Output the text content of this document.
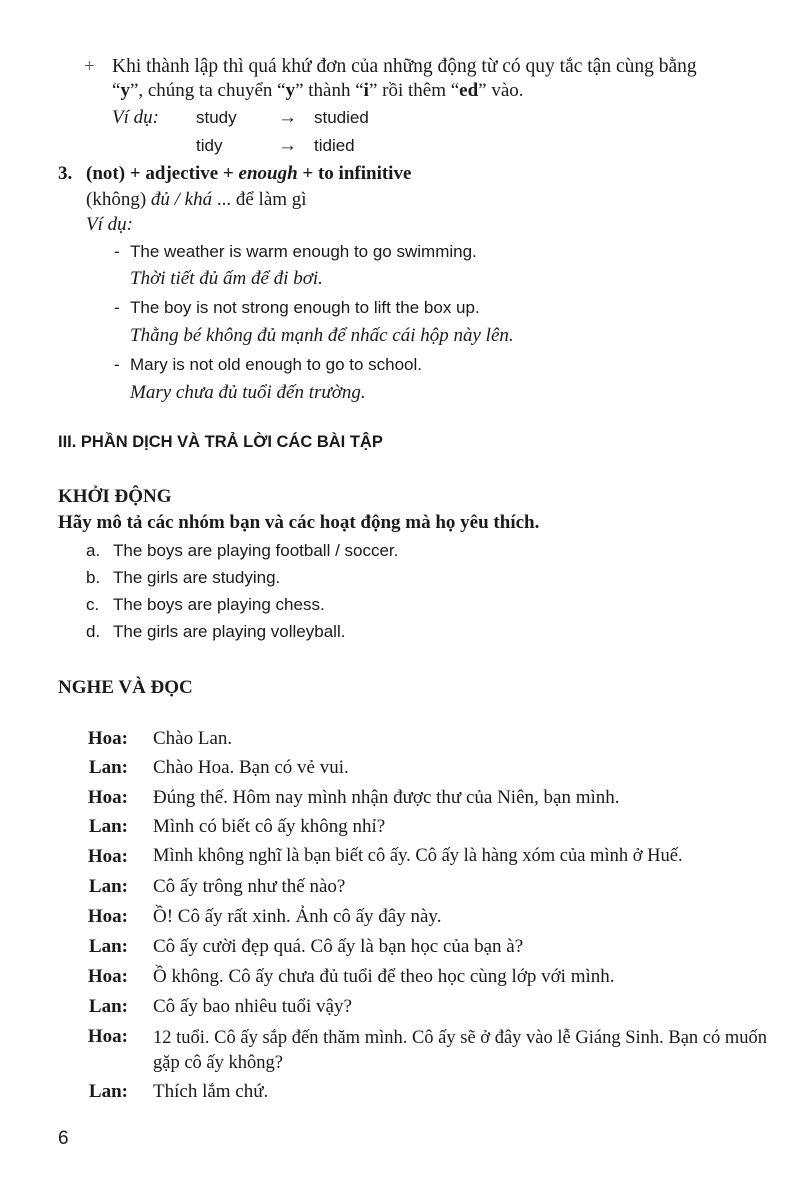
+ Khi thành lập thì quá khứ đơn của những động từ có quy tắc tận cùng bằng
“y”, chúng ta chuyển “y” thành “i” rồi thêm “ed” vào.
Ví dụ: study → studied
tidy	→ tidied
3. (not) + adjective + enough + to infinitive
(không) đủ / khá ... để làm gì
Ví dụ:
- The weather is warm enough to go swimming.
Thời tiết đủ ấm để đi bơi.
- The boy is not strong enough to lift the box up.
Thằng bé không đủ mạnh để nhấc cái hộp này lên.
- Mary is not old enough to go to school.
Mary chưa đủ tuổi đến trường.
III. PHẦN DỊCH VÀ TRẢ LỜI CÁC BÀI TẬP
KHỞI ĐỘNG
Hãy mô tả các nhóm bạn và các hoạt động mà họ yêu thích.
a. The boys are playing football / soccer.
b. The girls are studying.
c. The boys are playing chess.
d. The girls are playing volleyball.
NGHE VÀ ĐỌC
Hoa: Chào Lan.
Lan: Chào Hoa. Bạn có vẻ vui.
Hoa: Đúng thế. Hôm nay mình nhận được thư của Niên, bạn mình.
Lan: Mình có biết cô ấy không nhỉ?
Hoa: Mình không nghĩ là bạn biết cô ấy. Cô ấy là hàng xóm của mình ở Huế.
Lan: Cô ấy trông như thế nào?
Hoa: Ồ! Cô ấy rất xinh. Ảnh cô ấy đây này.
Lan: Cô ấy cười đẹp quá. Cô ấy là bạn học của bạn à?
Hoa: Ồ không. Cô ấy chưa đủ tuổi để theo học cùng lớp với mình.
Lan: Cô ấy bao nhiêu tuổi vậy?
Hoa: 12 tuổi. Cô ấy sắp đến thăm mình. Cô ấy sẽ ở đây vào lễ Giáng Sinh. Bạn có muốn gặp cô ấy không?
Lan: Thích lắm chứ.
6
